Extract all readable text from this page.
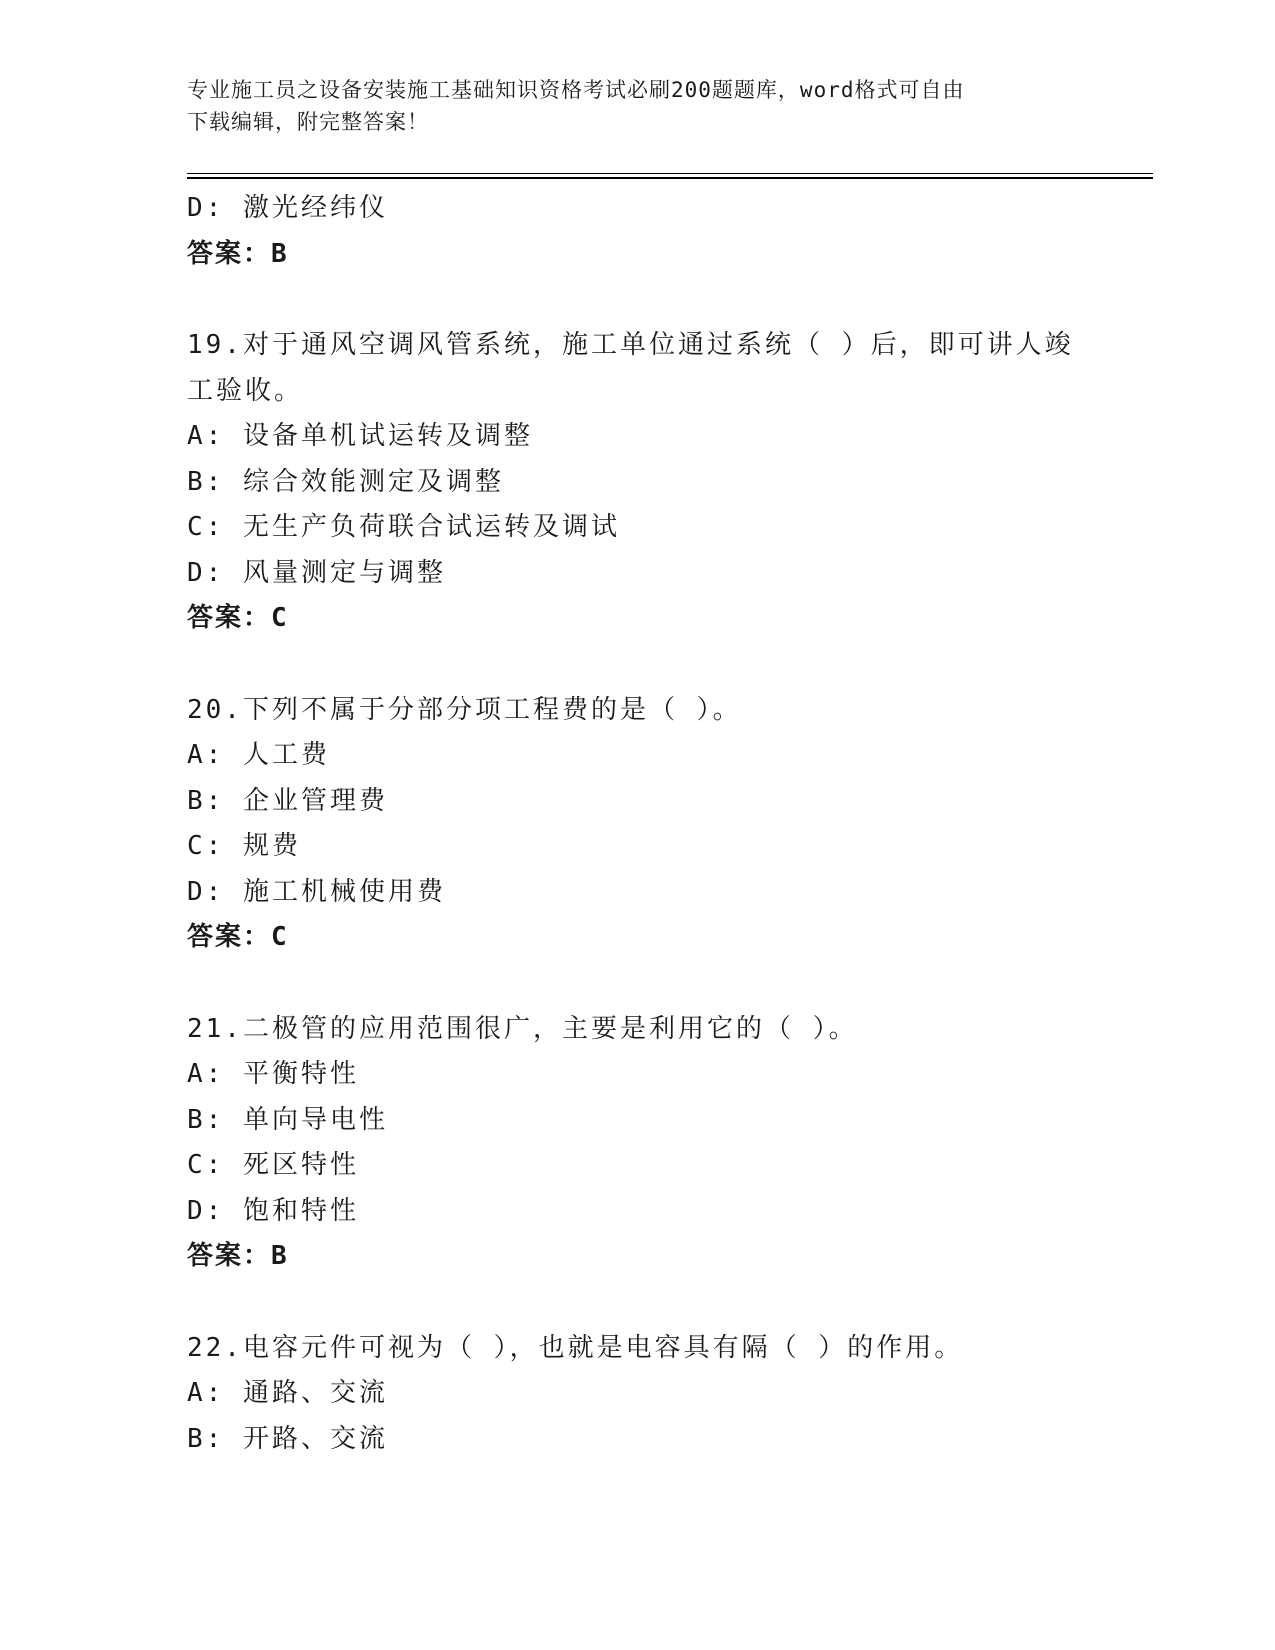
专业施工员之设备安装施工基础知识资格考试必刷200题题库，word格式可自由
下载编辑，附完整答案！
D: 激光经纬仪
答案：B
19.对于通风空调风管系统，施工单位通过系统（ ）后，即可讲人竣
工验收。
A: 设备单机试运转及调整
B: 综合效能测定及调整
C: 无生产负荷联合试运转及调试
D: 风量测定与调整
答案：C
20.下列不属于分部分项工程费的是（ ）。
A: 人工费
B: 企业管理费
C: 规费
D: 施工机械使用费
答案：C
21.二极管的应用范围很广，主要是利用它的（ ）。
A: 平衡特性
B: 单向导电性
C: 死区特性
D: 饱和特性
答案：B
22.电容元件可视为（ ），也就是电容具有隔（ ）的作用。
A: 通路、交流
B: 开路、交流
